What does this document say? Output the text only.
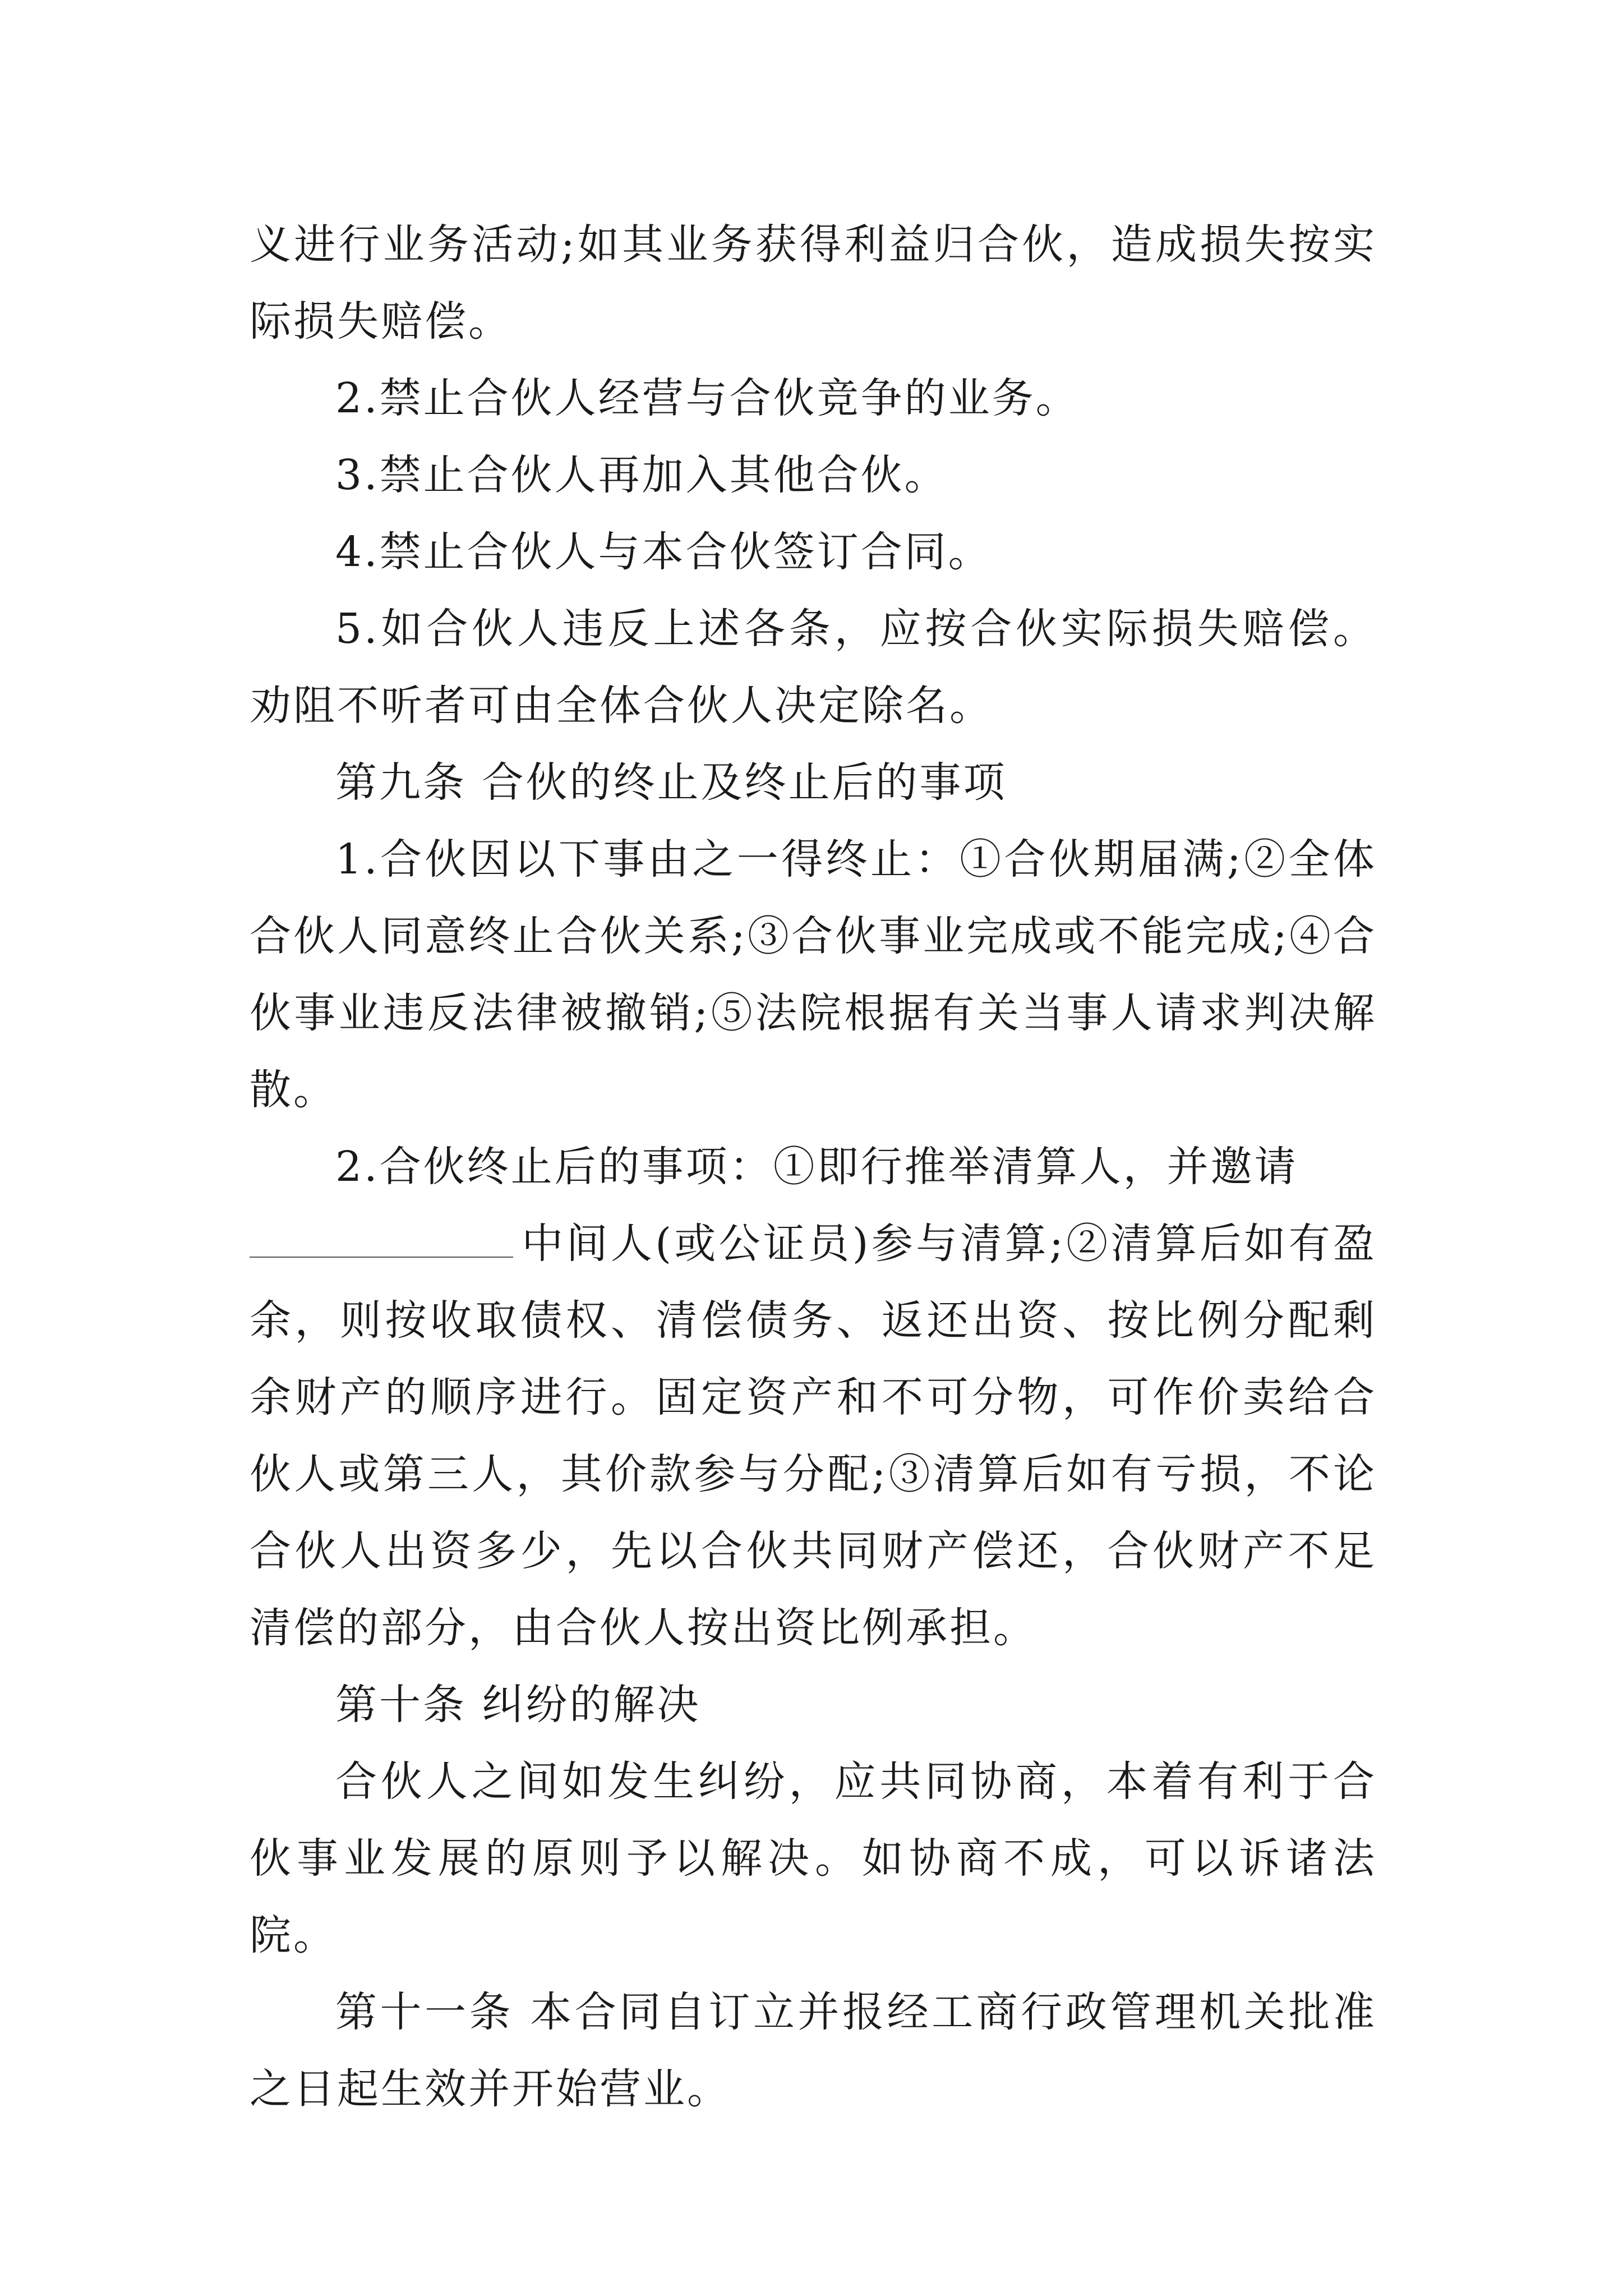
义进行业务活动;如其业务获得利益归合伙，造成损失按实际损失赔偿。

2.禁止合伙人经营与合伙竞争的业务。

3.禁止合伙人再加入其他合伙。

4.禁止合伙人与本合伙签订合同。

5.如合伙人违反上述各条，应按合伙实际损失赔偿。劝阻不听者可由全体合伙人决定除名。

第九条 合伙的终止及终止后的事项

1.合伙因以下事由之一得终止：①合伙期届满;②全体合伙人同意终止合伙关系;③合伙事业完成或不能完成;④合伙事业违反法律被撤销;⑤法院根据有关当事人请求判决解散。

2.合伙终止后的事项：①即行推举清算人，并邀请

中间人(或公证员)参与清算;②清算后如有盈余，则按收取债权、清偿债务、返还出资、按比例分配剩余财产的顺序进行。固定资产和不可分物，可作价卖给合伙人或第三人，其价款参与分配;③清算后如有亏损，不论合伙人出资多少，先以合伙共同财产偿还，合伙财产不足清偿的部分，由合伙人按出资比例承担。

第十条 纠纷的解决

合伙人之间如发生纠纷，应共同协商，本着有利于合伙事业发展的原则予以解决。如协商不成，可以诉诸法院。

第十一条 本合同自订立并报经工商行政管理机关批准之日起生效并开始营业。
